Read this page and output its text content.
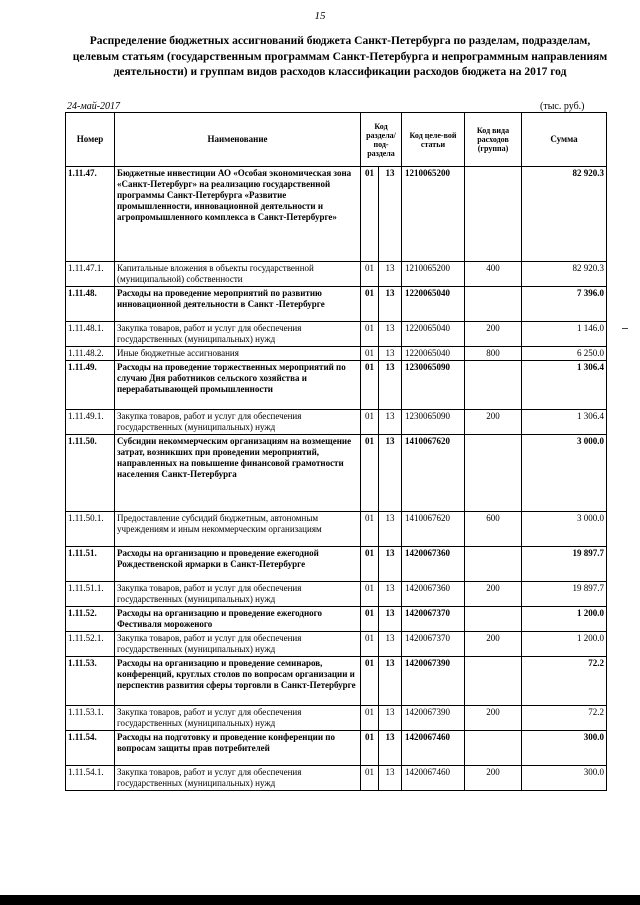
15
Распределение бюджетных ассигнований бюджета Санкт-Петербурга по разделам, подразделам, целевым статьям (государственным программам Санкт-Петербурга и непрограммным направлениям деятельности) и группам видов расходов классификации расходов бюджета на 2017 год
24-май-2017	(тыс. руб.)
Номер	Наименование	Код раздела/ под-раздела		Код целе-вой статьи	Код вида расходов (группа)	Сумма
1.11.47.	Бюджетные инвестиции АО «Особая экономическая зона «Санкт-Петербург» на реализацию государственной программы Санкт-Петербурга «Развитие промышленности, инновационной деятельности и агропромышленного комплекса в Санкт-Петербурге»	01	13	1210065200		82 920.3
1.11.47.1.	Капитальные вложения в объекты государственной (муниципальной) собственности	01	13	1210065200	400	82 920.3
1.11.48.	Расходы на проведение мероприятий по развитию инновационной деятельности в Санкт -Петербурге	01	13	1220065040		7 396.0
1.11.48.1.	Закупка товаров, работ и услуг для обеспечения государственных (муниципальных) нужд	01	13	1220065040	200	1 146.0
1.11.48.2.	Иные бюджетные ассигнования	01	13	1220065040	800	6 250.0
1.11.49.	Расходы на проведение торжественных мероприятий по случаю Дня работников сельского хозяйства и перерабатывающей промышленности	01	13	1230065090		1 306.4
1.11.49.1.	Закупка товаров, работ и услуг для обеспечения государственных (муниципальных) нужд	01	13	1230065090	200	1 306.4
1.11.50.	Субсидии некоммерческим организациям на возмещение затрат, возникших при проведении мероприятий, направленных на повышение финансовой грамотности населения Санкт-Петербурга	01	13	1410067620		3 000.0
1.11.50.1.	Предоставление субсидий бюджетным, автономным учреждениям и иным некоммерческим организациям	01	13	1410067620	600	3 000.0
1.11.51.	Расходы на организацию и проведение ежегодной Рождественской ярмарки в Санкт-Петербурге	01	13	1420067360		19 897.7
1.11.51.1.	Закупка товаров, работ и услуг для обеспечения государственных (муниципальных) нужд	01	13	1420067360	200	19 897.7
1.11.52.	Расходы на организацию и проведение ежегодного Фестиваля мороженого	01	13	1420067370		1 200.0
1.11.52.1.	Закупка товаров, работ и услуг для обеспечения государственных (муниципальных) нужд	01	13	1420067370	200	1 200.0
1.11.53.	Расходы на организацию и проведение семинаров, конференций, круглых столов по вопросам организации и перспектив развития сферы торговли в Санкт-Петербурге	01	13	1420067390		72.2
1.11.53.1.	Закупка товаров, работ и услуг для обеспечения государственных (муниципальных) нужд	01	13	1420067390	200	72.2
1.11.54.	Расходы на подготовку и проведение конференции по вопросам защиты прав потребителей	01	13	1420067460		300.0
1.11.54.1.	Закупка товаров, работ и услуг для обеспечения государственных (муниципальных) нужд	01	13	1420067460	200	300.0
